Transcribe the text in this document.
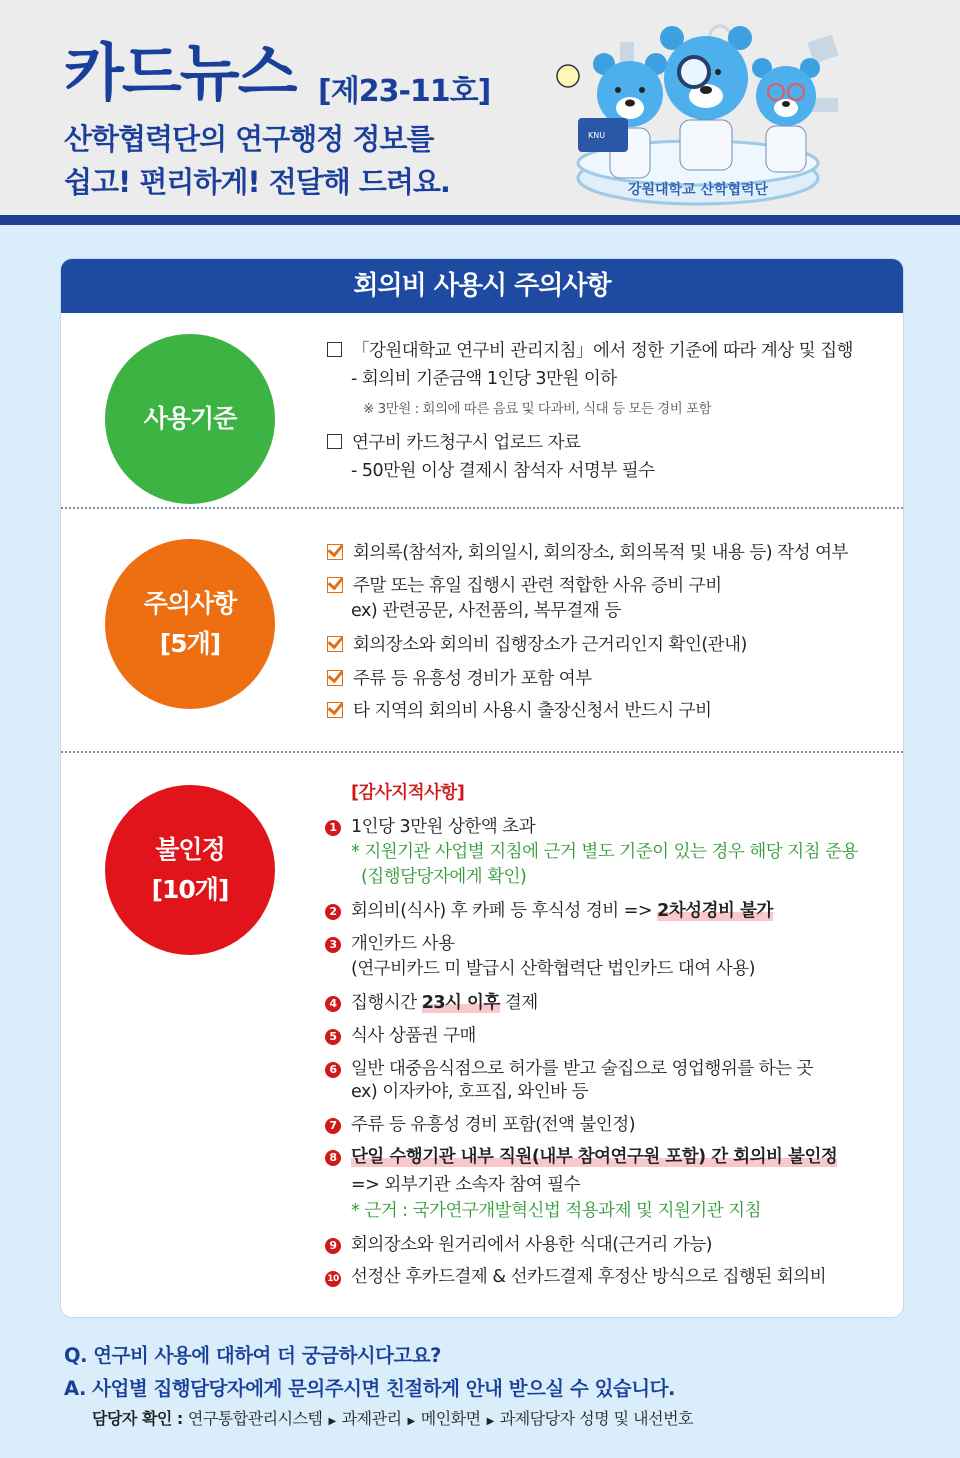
카드뉴스 [제23-11호]
산학협력단의 연구행정 정보를
쉽고! 편리하게! 전달해 드려요.	강원대학교 산학협력단
KNU
회의비 사용시 주의사항
사용기준
「강원대학교 연구비 관리지침」에서 정한 기준에 따라 계상 및 집행
- 회의비 기준금액 1인당 3만원 이하
※ 3만원 : 회의에 따른 음료 및 다과비, 식대 등 모든 경비 포함
연구비 카드청구시 업로드 자료
- 50만원 이상 결제시 참석자 서명부 필수
주의사항
[5개]
회의록(참석자, 회의일시, 회의장소, 회의목적 및 내용 등) 작성 여부
주말 또는 휴일 집행시 관련 적합한 사유 증비 구비
ex) 관련공문, 사전품의, 복무결재 등
회의장소와 회의비 집행장소가 근거리인지 확인(관내)
주류 등 유흥성 경비가 포함 여부
타 지역의 회의비 사용시 출장신청서 반드시 구비
불인정
[10개]
[감사지적사항]
1 1인당 3만원 상한액 초과
* 지원기관 사업별 지침에 근거 별도 기준이 있는 경우 해당 지침 준용
(집행담당자에게 확인)
2 회의비(식사) 후 카페 등 후식성 경비 => 2차성경비 불가
3 개인카드 사용
(연구비카드 미 발급시 산학협력단 법인카드 대여 사용)
4 집행시간 23시 이후 결제
5 식사 상품권 구매
6 일반 대중음식점으로 허가를 받고 술집으로 영업행위를 하는 곳
ex) 이자카야, 호프집, 와인바 등
7 주류 등 유흥성 경비 포함(전액 불인정)
8 단일 수행기관 내부 직원(내부 참여연구원 포함) 간 회의비 불인정
=> 외부기관 소속자 참여 필수
* 근거 : 국가연구개발혁신법 적용과제 및 지원기관 지침
9 회의장소와 원거리에서 사용한 식대(근거리 가능)
10 선정산 후카드결제 & 선카드결제 후정산 방식으로 집행된 회의비
Q. 연구비 사용에 대하여 더 궁금하시다고요?
A. 사업별 집행담당자에게 문의주시면 친절하게 안내 받으실 수 있습니다.
담당자 확인 : 연구통합관리시스템 ▶ 과제관리 ▶ 메인화면 ▶ 과제담당자 성명 및 내선번호
